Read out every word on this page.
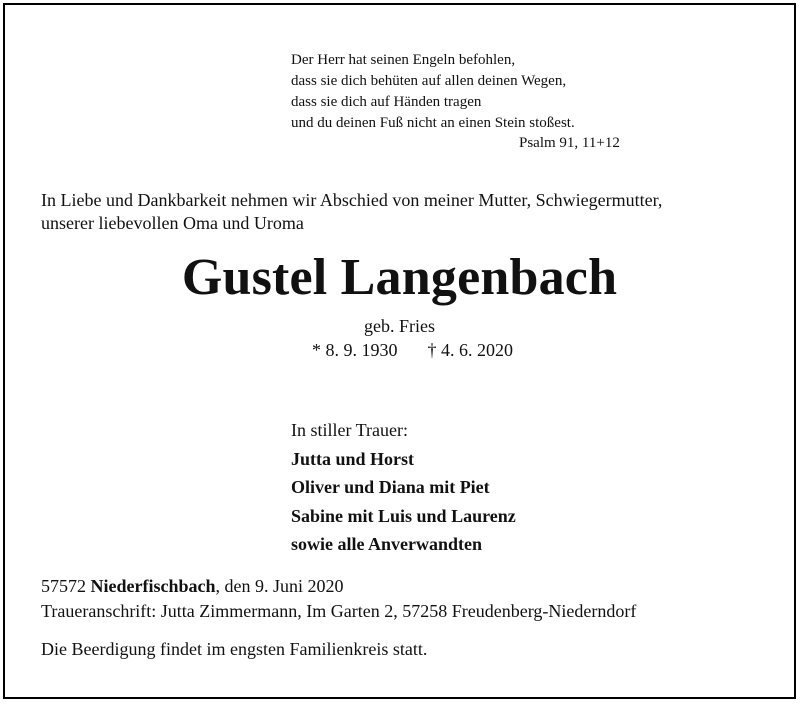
Der Herr hat seinen Engeln befohlen,
dass sie dich behüten auf allen deinen Wegen,
dass sie dich auf Händen tragen
und du deinen Fuß nicht an einen Stein stoßest.
Psalm 91, 11+12
In Liebe und Dankbarkeit nehmen wir Abschied von meiner Mutter, Schwiegermutter,
unserer liebevollen Oma und Uroma
Gustel Langenbach
geb. Fries
* 8. 9. 1930 † 4. 6. 2020
In stiller Trauer:
Jutta und Horst
Oliver und Diana mit Piet
Sabine mit Luis und Laurenz
sowie alle Anverwandten
57572 Niederfischbach, den 9. Juni 2020
Traueranschrift: Jutta Zimmermann, Im Garten 2, 57258 Freudenberg-Niederndorf
Die Beerdigung findet im engsten Familienkreis statt.
